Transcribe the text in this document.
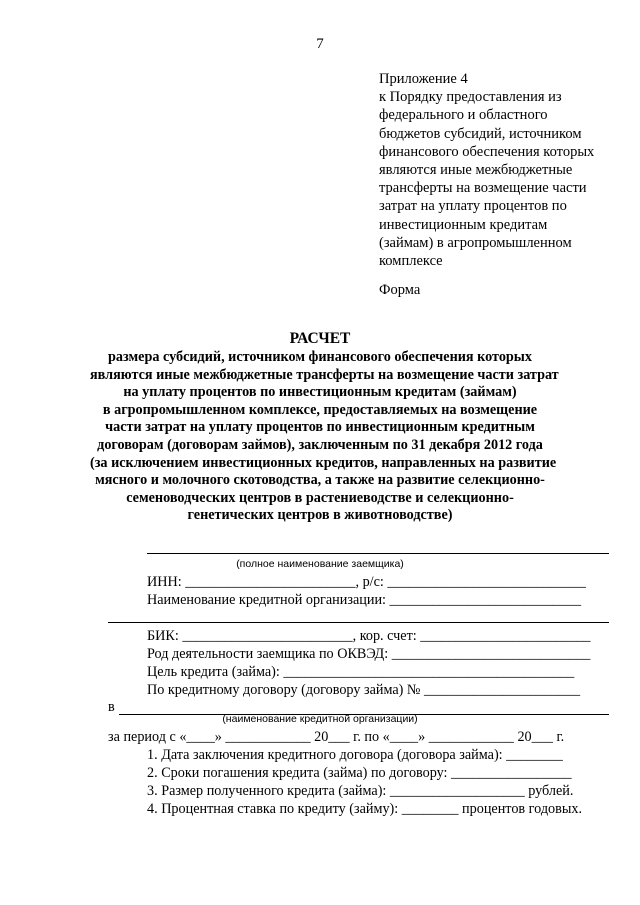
7
Приложение 4
к Порядку предоставления из
федерального и областного
бюджетов субсидий, источником
финансового обеспечения которых
являются иные межбюджетные
трансферты на возмещение части
затрат на уплату процентов по
инвестиционным кредитам
(займам) в агропромышленном
комплексе
Форма
РАСЧЕТ
размера субсидий, источником финансового обеспечения которых
являются иные межбюджетные трансферты на возмещение части затрат
на уплату процентов по инвестиционным кредитам (займам)
в агропромышленном комплексе, предоставляемых на возмещение
части затрат на уплату процентов по инвестиционным кредитным
договорам (договорам займов), заключенным по 31 декабря 2012 года
(за исключением инвестиционных кредитов, направленных на развитие
мясного и молочного скотоводства, а также на развитие селекционно-
семеноводческих центров в растениеводстве и селекционно-
генетических центров в животноводстве)
(полное наименование заемщика)
ИНН: ________________________, р/с: ____________________________
Наименование кредитной организации: ___________________________
БИК: ________________________, кор. счет: ________________________
Род деятельности заемщика по ОКВЭД: ____________________________
Цель кредита (займа): _________________________________________
По кредитному договору (договору займа) № ______________________
в
(наименование кредитной организации)
за период с «____» ____________ 20___ г. по «____» ____________ 20___ г.
1. Дата заключения кредитного договора (договора займа): ________
2. Сроки погашения кредита (займа) по договору: _________________
3. Размер полученного кредита (займа): ___________________ рублей.
4. Процентная ставка по кредиту (займу): ________ процентов годовых.
